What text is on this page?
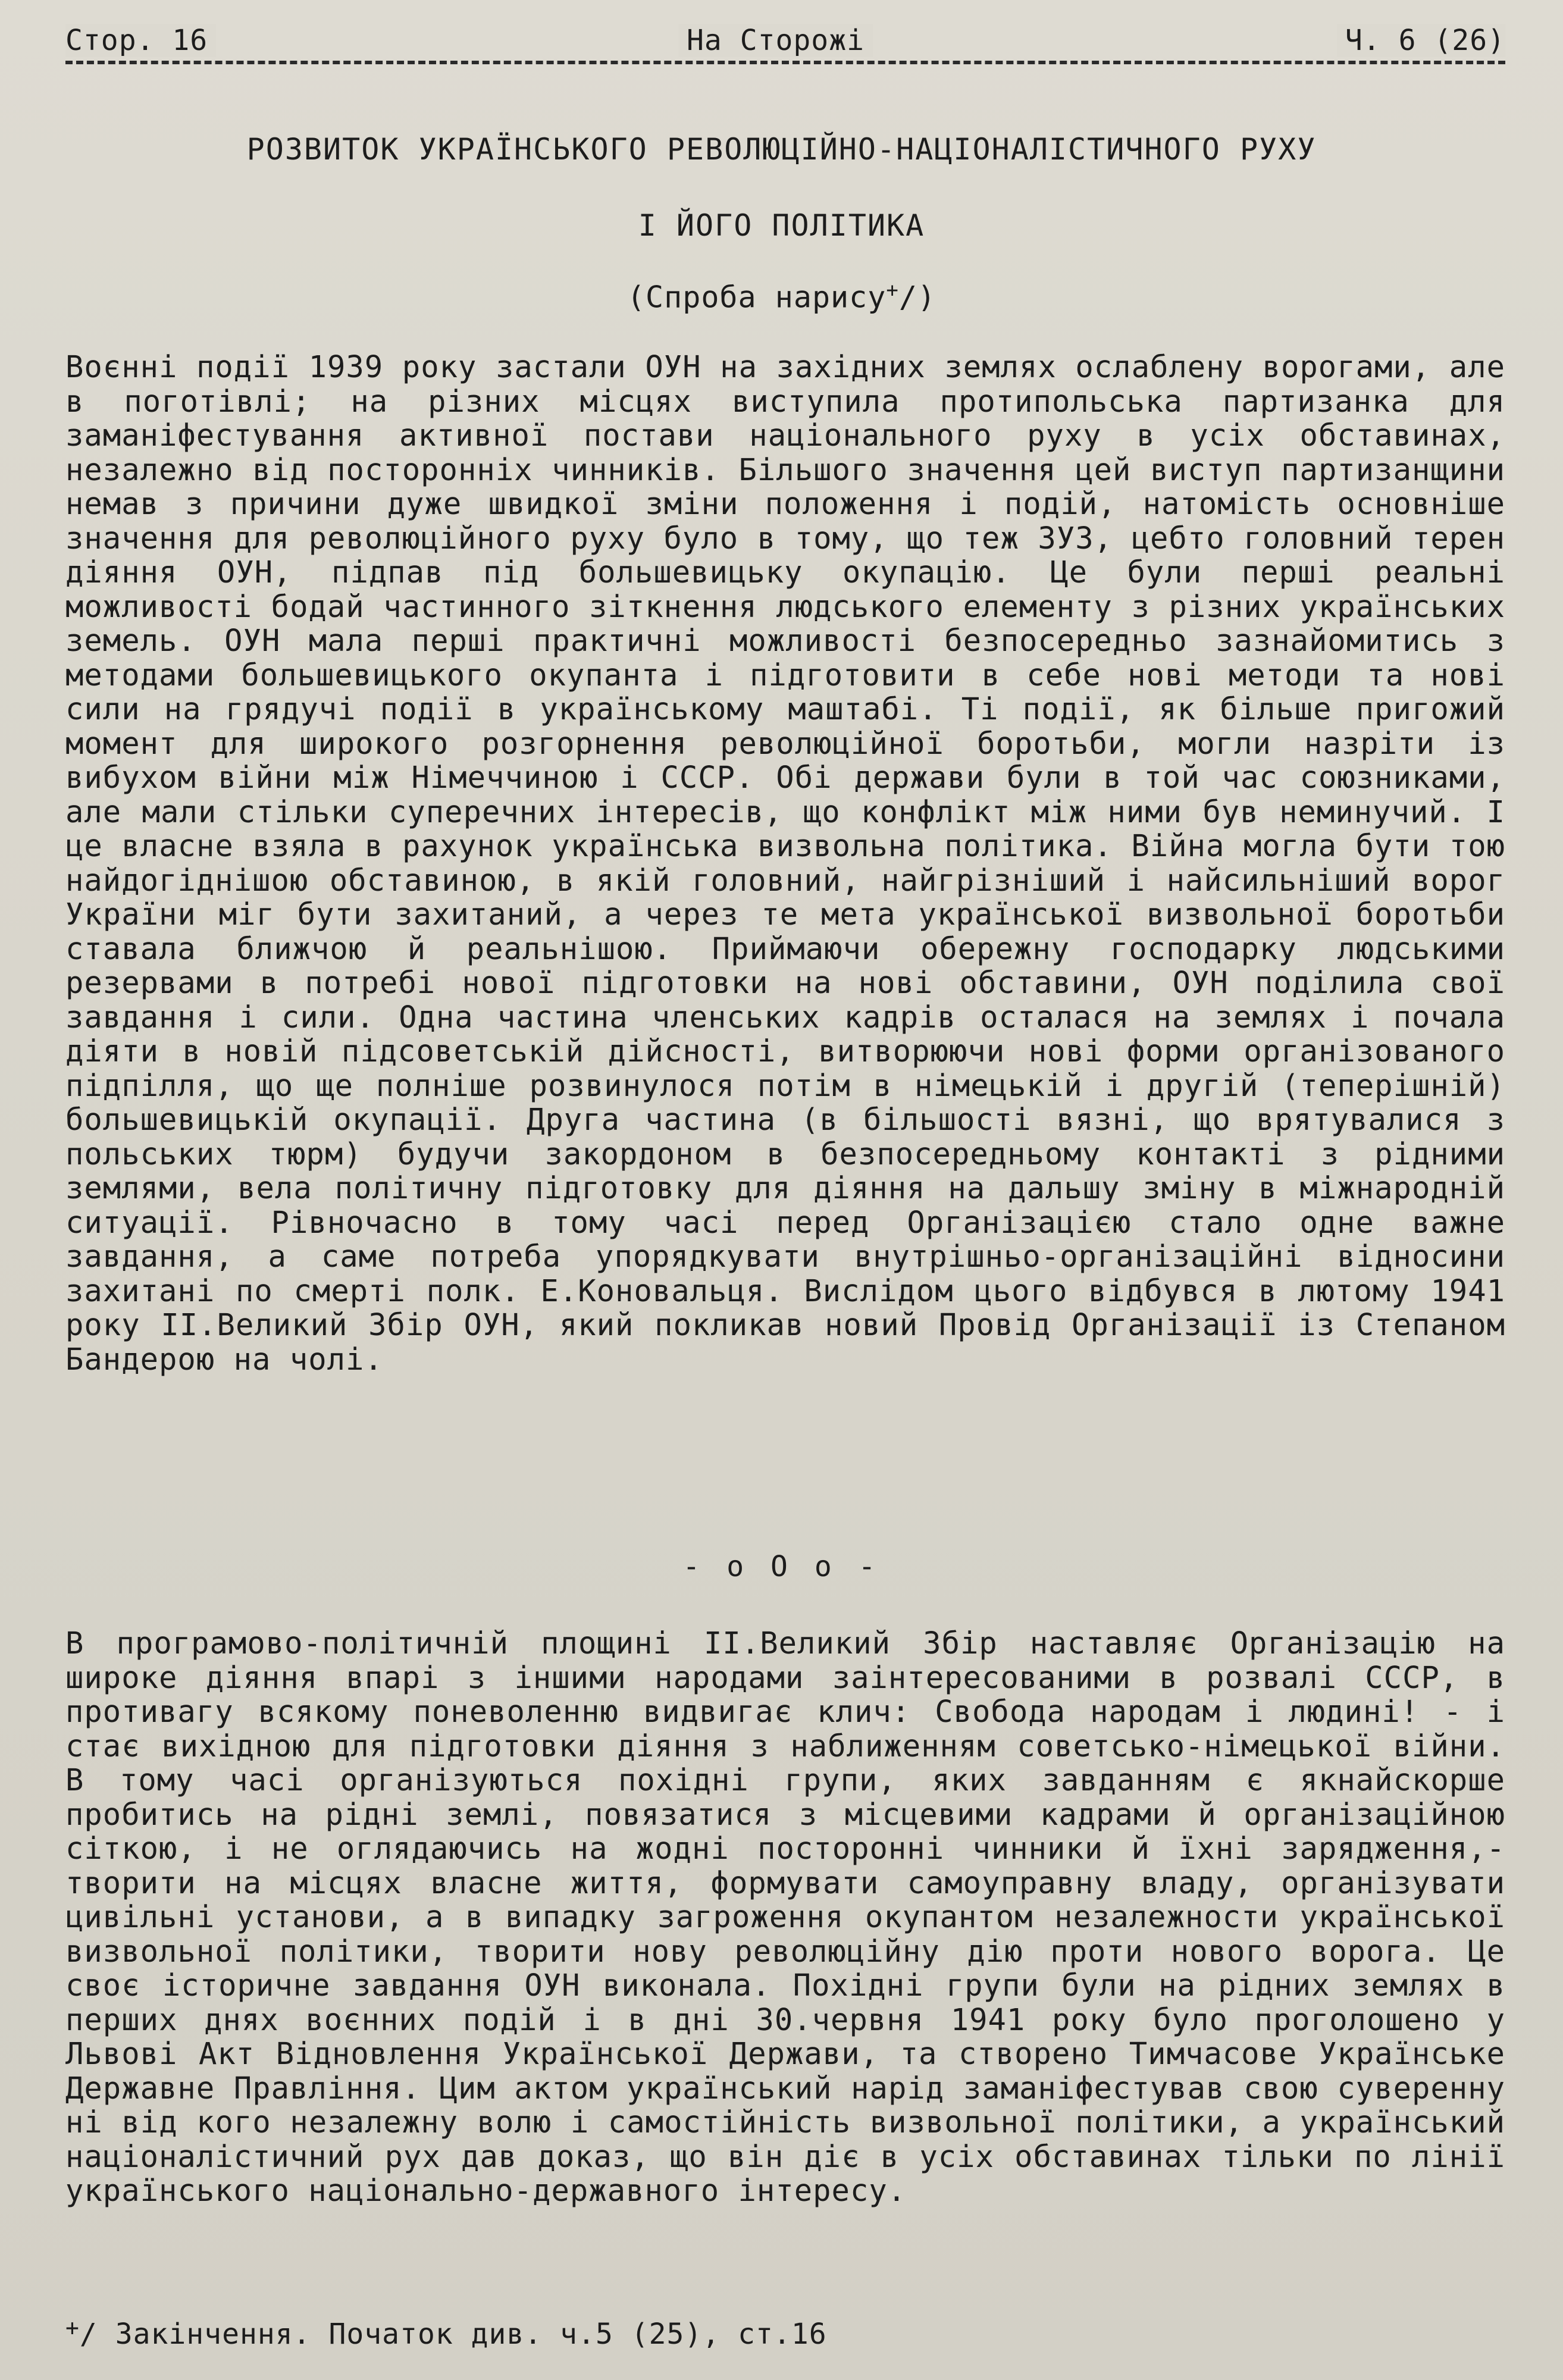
Стор. 16	На Сторожі	Ч. 6 (26)
РОЗВИТОК УКРАЇНСЬКОГО РЕВОЛЮЦІЙНО-НАЦІОНАЛІСТИЧНОГО РУХУ
І ЙОГО ПОЛІТИКА
(Спроба нарису+/)

Воєнні події 1939 року застали ОУН на західних землях ослаблену ворогами, але в поготівлі; на різних місцях виступила протипольська партизанка для заманіфестування активної постави національного руху в усіх обставинах, незалежно від посторонніх чинників. Більшого значення цей виступ партизанщини немав з причини дуже швидкої зміни положення і подій, натомість основніше значення для революційного руху було в тому, що теж ЗУЗ, цебто головний терен діяння ОУН, підпав під большевицьку окупацію. Це були перші реальні можливості бодай частинного зіткнення людського елементу з різних українських земель. ОУН мала перші практичні можливості безпосередньо зазнайомитись з методами большевицького окупанта і підготовити в себе нові методи та нові сили на грядучі події в українському маштабі. Ті події, як більше пригожий момент для широкого розгорнення революційної боротьби, могли назріти із вибухом війни між Німеччиною і СССР. Обі держави були в той час союзниками, але мали стільки суперечних інтересів, що конфлікт між ними був неминучий. І це власне взяла в рахунок українська визвольна політика. Війна могла бути тою найдогіднішою обставиною, в якій головний, найгрізніший і найсильніший ворог України міг бути захитаний, а через те мета української визвольної боротьби ставала ближчою й реальнішою. Приймаючи обережну господарку людськими резервами в потребі нової підготовки на нові обставини, ОУН поділила свої завдання і сили. Одна частина членських кадрів осталася на землях і почала діяти в новій підсоветській дійсності, витворюючи нові форми організованого підпілля, що ще полніше розвинулося потім в німецькій і другій (теперішній) большевицькій окупації. Друга частина (в більшості вязні, що врятувалися з польських тюрм) будучи закордоном в безпосередньому контакті з рідними землями, вела політичну підготовку для діяння на дальшу зміну в міжнародній ситуації. Рівночасно в тому часі перед Організацією стало одне важне завдання, а саме потреба упорядкувати внутрішньо-організаційні відносини захитані по смерті полк. Е.Коновальця. Вислідом цього відбувся в лютому 1941 року II.Великий Збір ОУН, який покликав новий Провід Організації із Степаном Бандерою на чолі.

- о О о -

В програмово-політичній площині II.Великий Збір наставляє Організацію на широке діяння впарі з іншими народами заінтересованими в розвалі СССР, в противагу всякому поневоленню видвигає клич: Свобода народам і людині! - і стає вихідною для підготовки діяння з наближенням советсько-німецької війни. В тому часі організуються похідні групи, яких завданням є якнайскорше пробитись на рідні землі, повязатися з місцевими кадрами й організаційною сіткою, і не оглядаючись на жодні посторонні чинники й їхні зарядження,- творити на місцях власне життя, формувати самоуправну владу, організувати цивільні установи, а в випадку загроження окупантом незалежности української визвольної політики, творити нову революційну дію проти нового ворога. Це своє історичне завдання ОУН виконала. Похідні групи були на рідних землях в перших днях воєнних подій і в дні 30.червня 1941 року було проголошено у Львові Акт Відновлення Української Держави, та створено Тимчасове Українське Державне Правління. Цим актом український нарід заманіфестував свою суверенну ні від кого незалежну волю і самостійність визвольної політики, а український націоналістичний рух дав доказ, що він діє в усіх обставинах тільки по лінії українського національно-державного інтересу.

+/ Закінчення. Початок див. ч.5 (25), ст.16
